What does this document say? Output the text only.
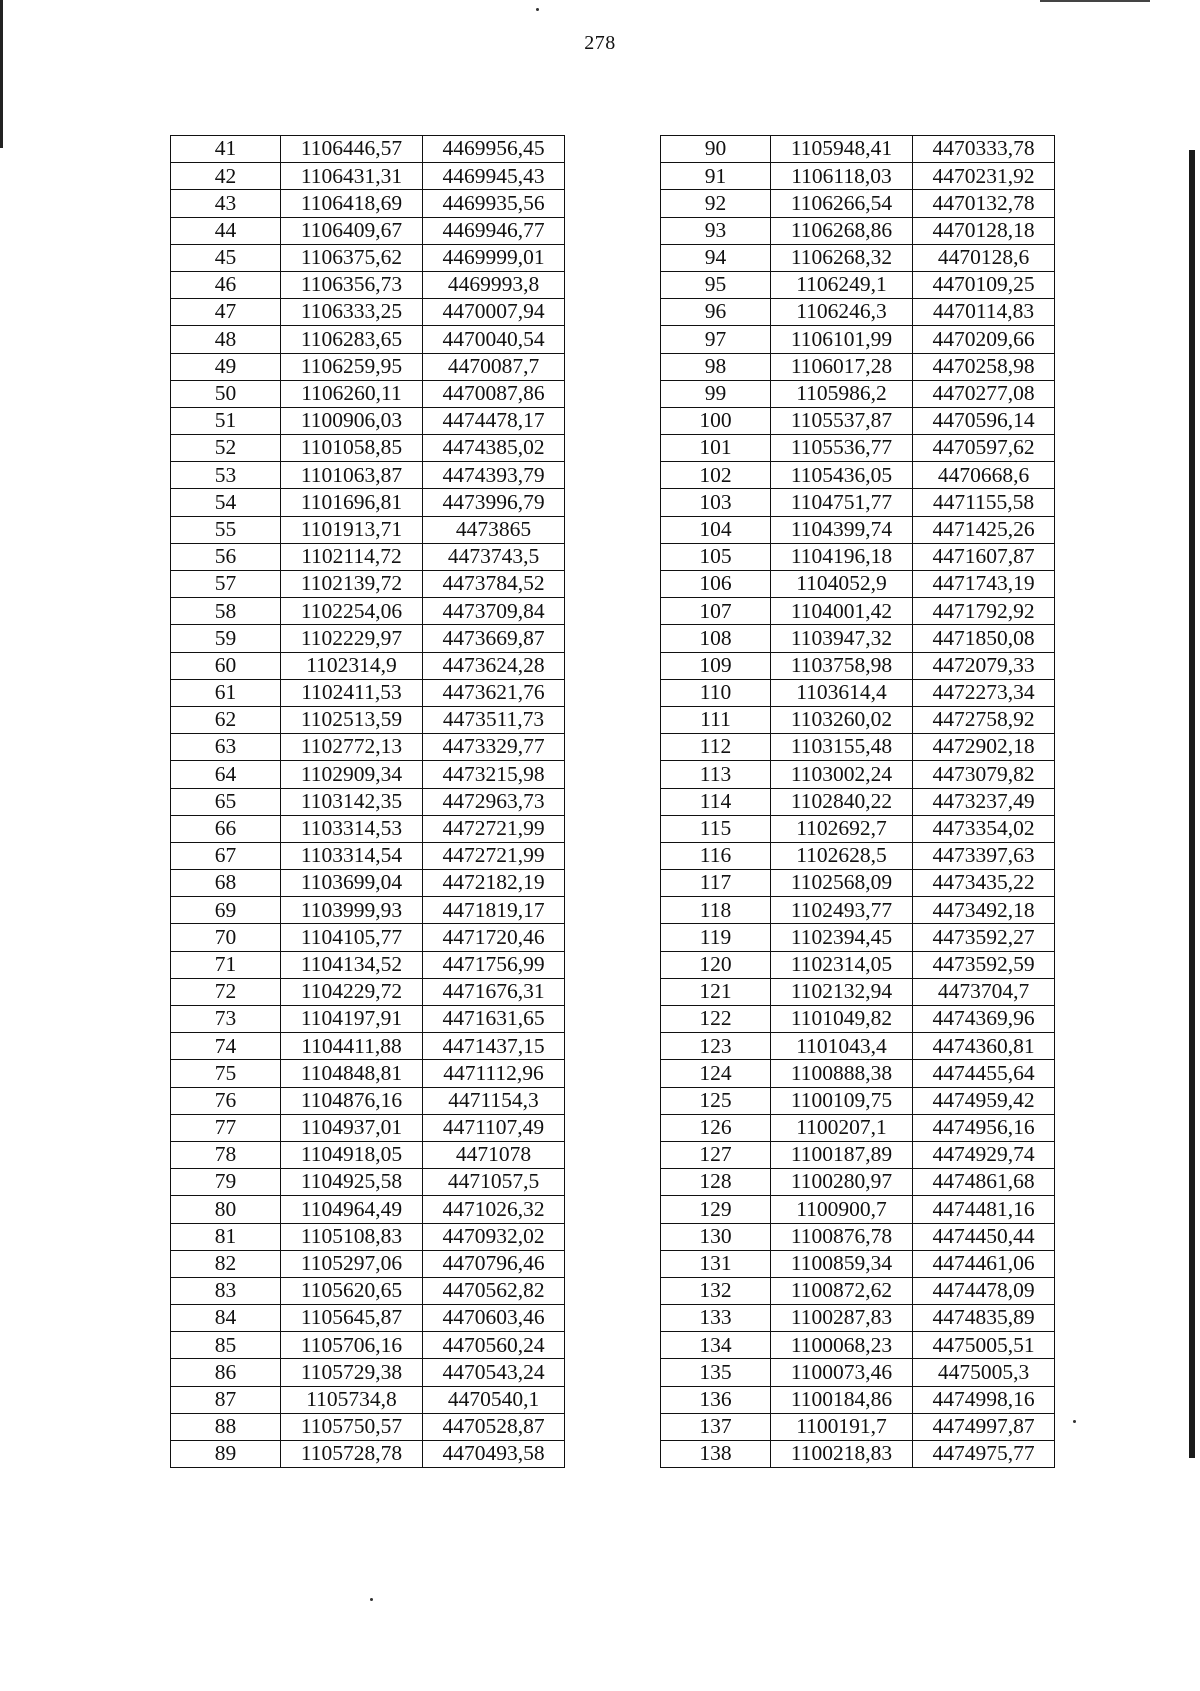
278
41	1106446,57	4469956,45
42	1106431,31	4469945,43
43	1106418,69	4469935,56
44	1106409,67	4469946,77
45	1106375,62	4469999,01
46	1106356,73	4469993,8
47	1106333,25	4470007,94
48	1106283,65	4470040,54
49	1106259,95	4470087,7
50	1106260,11	4470087,86
51	1100906,03	4474478,17
52	1101058,85	4474385,02
53	1101063,87	4474393,79
54	1101696,81	4473996,79
55	1101913,71	4473865
56	1102114,72	4473743,5
57	1102139,72	4473784,52
58	1102254,06	4473709,84
59	1102229,97	4473669,87
60	1102314,9	4473624,28
61	1102411,53	4473621,76
62	1102513,59	4473511,73
63	1102772,13	4473329,77
64	1102909,34	4473215,98
65	1103142,35	4472963,73
66	1103314,53	4472721,99
67	1103314,54	4472721,99
68	1103699,04	4472182,19
69	1103999,93	4471819,17
70	1104105,77	4471720,46
71	1104134,52	4471756,99
72	1104229,72	4471676,31
73	1104197,91	4471631,65
74	1104411,88	4471437,15
75	1104848,81	4471112,96
76	1104876,16	4471154,3
77	1104937,01	4471107,49
78	1104918,05	4471078
79	1104925,58	4471057,5
80	1104964,49	4471026,32
81	1105108,83	4470932,02
82	1105297,06	4470796,46
83	1105620,65	4470562,82
84	1105645,87	4470603,46
85	1105706,16	4470560,24
86	1105729,38	4470543,24
87	1105734,8	4470540,1
88	1105750,57	4470528,87
89	1105728,78	4470493,58
90	1105948,41	4470333,78
91	1106118,03	4470231,92
92	1106266,54	4470132,78
93	1106268,86	4470128,18
94	1106268,32	4470128,6
95	1106249,1	4470109,25
96	1106246,3	4470114,83
97	1106101,99	4470209,66
98	1106017,28	4470258,98
99	1105986,2	4470277,08
100	1105537,87	4470596,14
101	1105536,77	4470597,62
102	1105436,05	4470668,6
103	1104751,77	4471155,58
104	1104399,74	4471425,26
105	1104196,18	4471607,87
106	1104052,9	4471743,19
107	1104001,42	4471792,92
108	1103947,32	4471850,08
109	1103758,98	4472079,33
110	1103614,4	4472273,34
111	1103260,02	4472758,92
112	1103155,48	4472902,18
113	1103002,24	4473079,82
114	1102840,22	4473237,49
115	1102692,7	4473354,02
116	1102628,5	4473397,63
117	1102568,09	4473435,22
118	1102493,77	4473492,18
119	1102394,45	4473592,27
120	1102314,05	4473592,59
121	1102132,94	4473704,7
122	1101049,82	4474369,96
123	1101043,4	4474360,81
124	1100888,38	4474455,64
125	1100109,75	4474959,42
126	1100207,1	4474956,16
127	1100187,89	4474929,74
128	1100280,97	4474861,68
129	1100900,7	4474481,16
130	1100876,78	4474450,44
131	1100859,34	4474461,06
132	1100872,62	4474478,09
133	1100287,83	4474835,89
134	1100068,23	4475005,51
135	1100073,46	4475005,3
136	1100184,86	4474998,16
137	1100191,7	4474997,87
138	1100218,83	4474975,77
